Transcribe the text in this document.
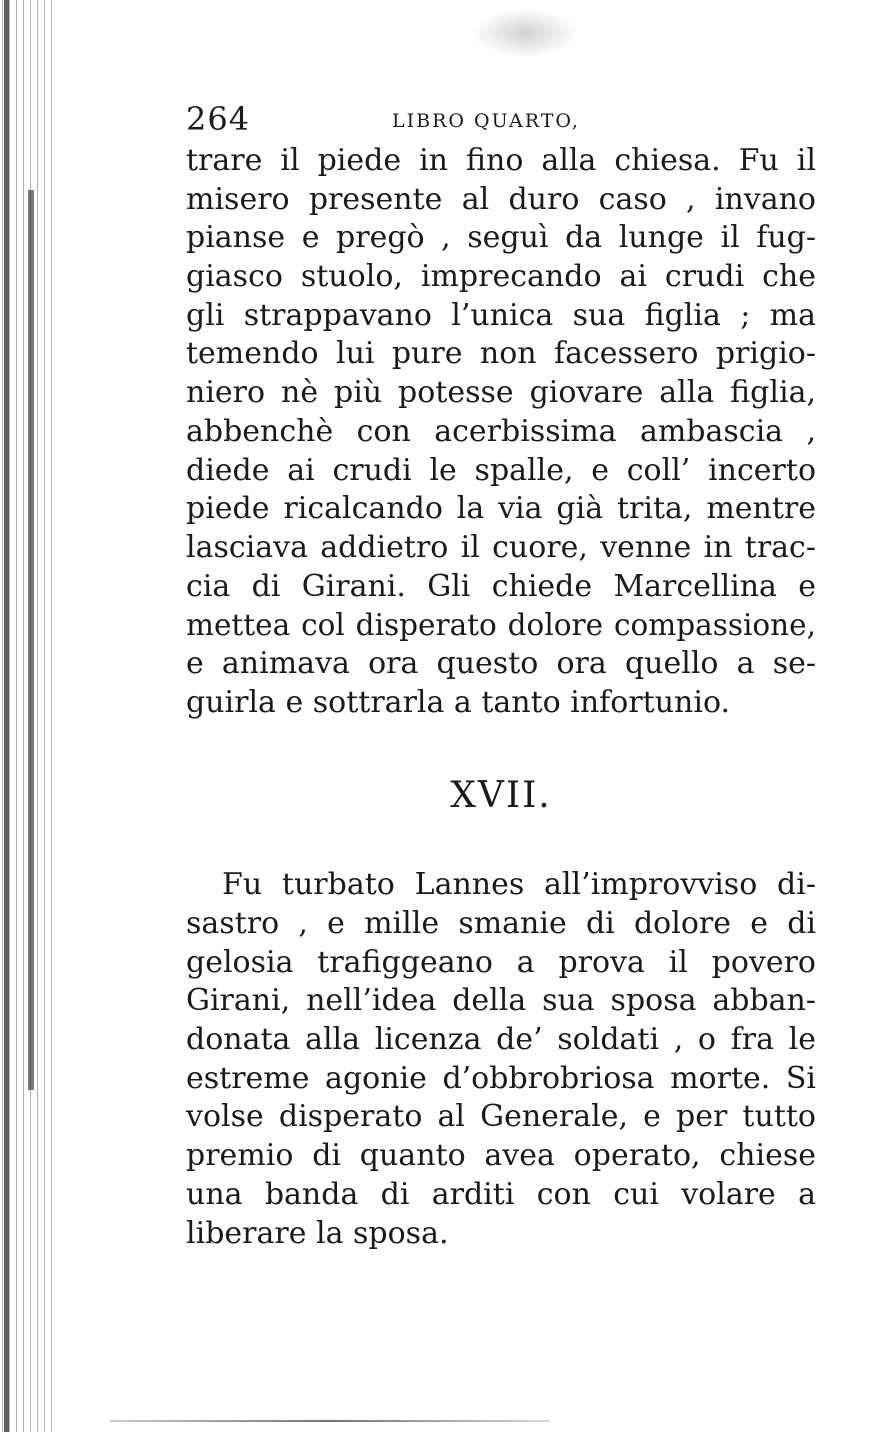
264	LIBRO QUARTO,
trare il piede in fino alla chiesa. Fu il
misero presente al duro caso , invano
pianse e pregò , seguì da lunge il fug-
giasco stuolo, imprecando ai crudi che
gli strappavano l’unica sua figlia ; ma
temendo lui pure non facessero prigio-
niero nè più potesse giovare alla figlia,
abbenchè con acerbissima ambascia ,
diede ai crudi le spalle, e coll’ incerto
piede ricalcando la via già trita, mentre
lasciava addietro il cuore, venne in trac-
cia di Girani. Gli chiede Marcellina e
mettea col disperato dolore compassione,
e animava ora questo ora quello a se-
guirla e sottrarla a tanto infortunio.
XVII.
Fu turbato Lannes all’improvviso di-
sastro , e mille smanie di dolore e di
gelosia trafiggeano a prova il povero
Girani, nell’idea della sua sposa abban-
donata alla licenza de’ soldati , o fra le
estreme agonie d’obbrobriosa morte. Si
volse disperato al Generale, e per tutto
premio di quanto avea operato, chiese
una banda di arditi con cui volare a
liberare la sposa.
